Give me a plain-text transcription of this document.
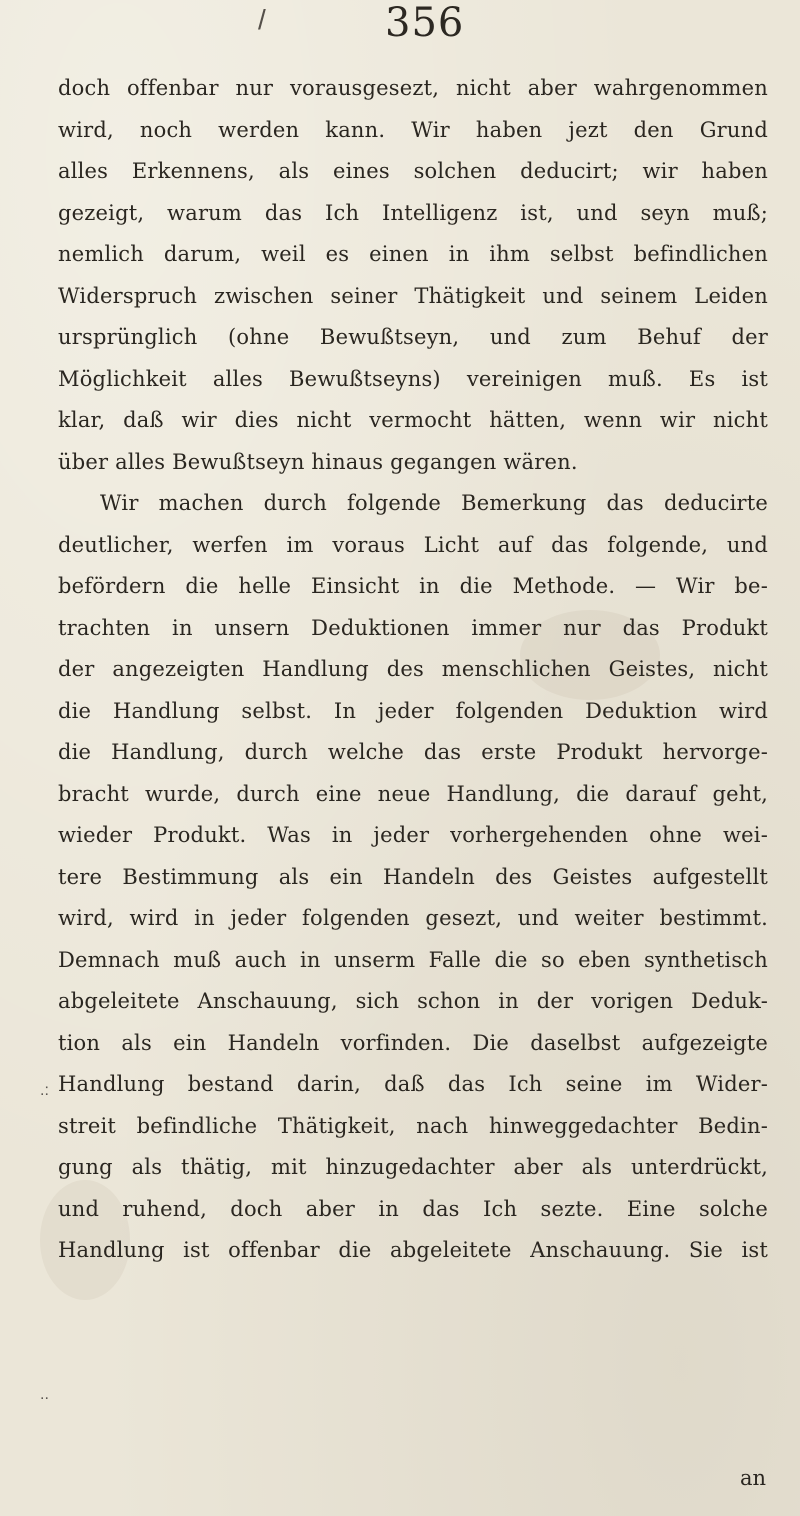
/	356
doch offenbar nur vorausgesezt, nicht aber wahrgenommen
wird, noch werden kann. Wir haben jezt den Grund
alles Erkennens, als eines solchen deducirt; wir haben
gezeigt, warum das Ich Intelligenz ist, und seyn muß;
nemlich darum, weil es einen in ihm selbst befindlichen
Widerspruch zwischen seiner Thätigkeit und seinem Leiden
ursprünglich (ohne Bewußtseyn, und zum Behuf der
Möglichkeit alles Bewußtseyns) vereinigen muß. Es ist
klar, daß wir dies nicht vermocht hätten, wenn wir nicht
über alles Bewußtseyn hinaus gegangen wären.
Wir machen durch folgende Bemerkung das deducirte
deutlicher, werfen im voraus Licht auf das folgende, und
befördern die helle Einsicht in die Methode. — Wir be-
trachten in unsern Deduktionen immer nur das Produkt
der angezeigten Handlung des menschlichen Geistes, nicht
die Handlung selbst. In jeder folgenden Deduktion wird
die Handlung, durch welche das erste Produkt hervorge-
bracht wurde, durch eine neue Handlung, die darauf geht,
wieder Produkt. Was in jeder vorhergehenden ohne wei-
tere Bestimmung als ein Handeln des Geistes aufgestellt
wird, wird in jeder folgenden gesezt, und weiter bestimmt.
Demnach muß auch in unserm Falle die so eben synthetisch
abgeleitete Anschauung, sich schon in der vorigen Deduk-
tion als ein Handeln vorfinden. Die daselbst aufgezeigte
Handlung bestand darin, daß das Ich seine im Wider-
streit befindliche Thätigkeit, nach hinweggedachter Bedin-
gung als thätig, mit hinzugedachter aber als unterdrückt,
und ruhend, doch aber in das Ich sezte. Eine solche
Handlung ist offenbar die abgeleitete Anschauung. Sie ist
.:
..
an
